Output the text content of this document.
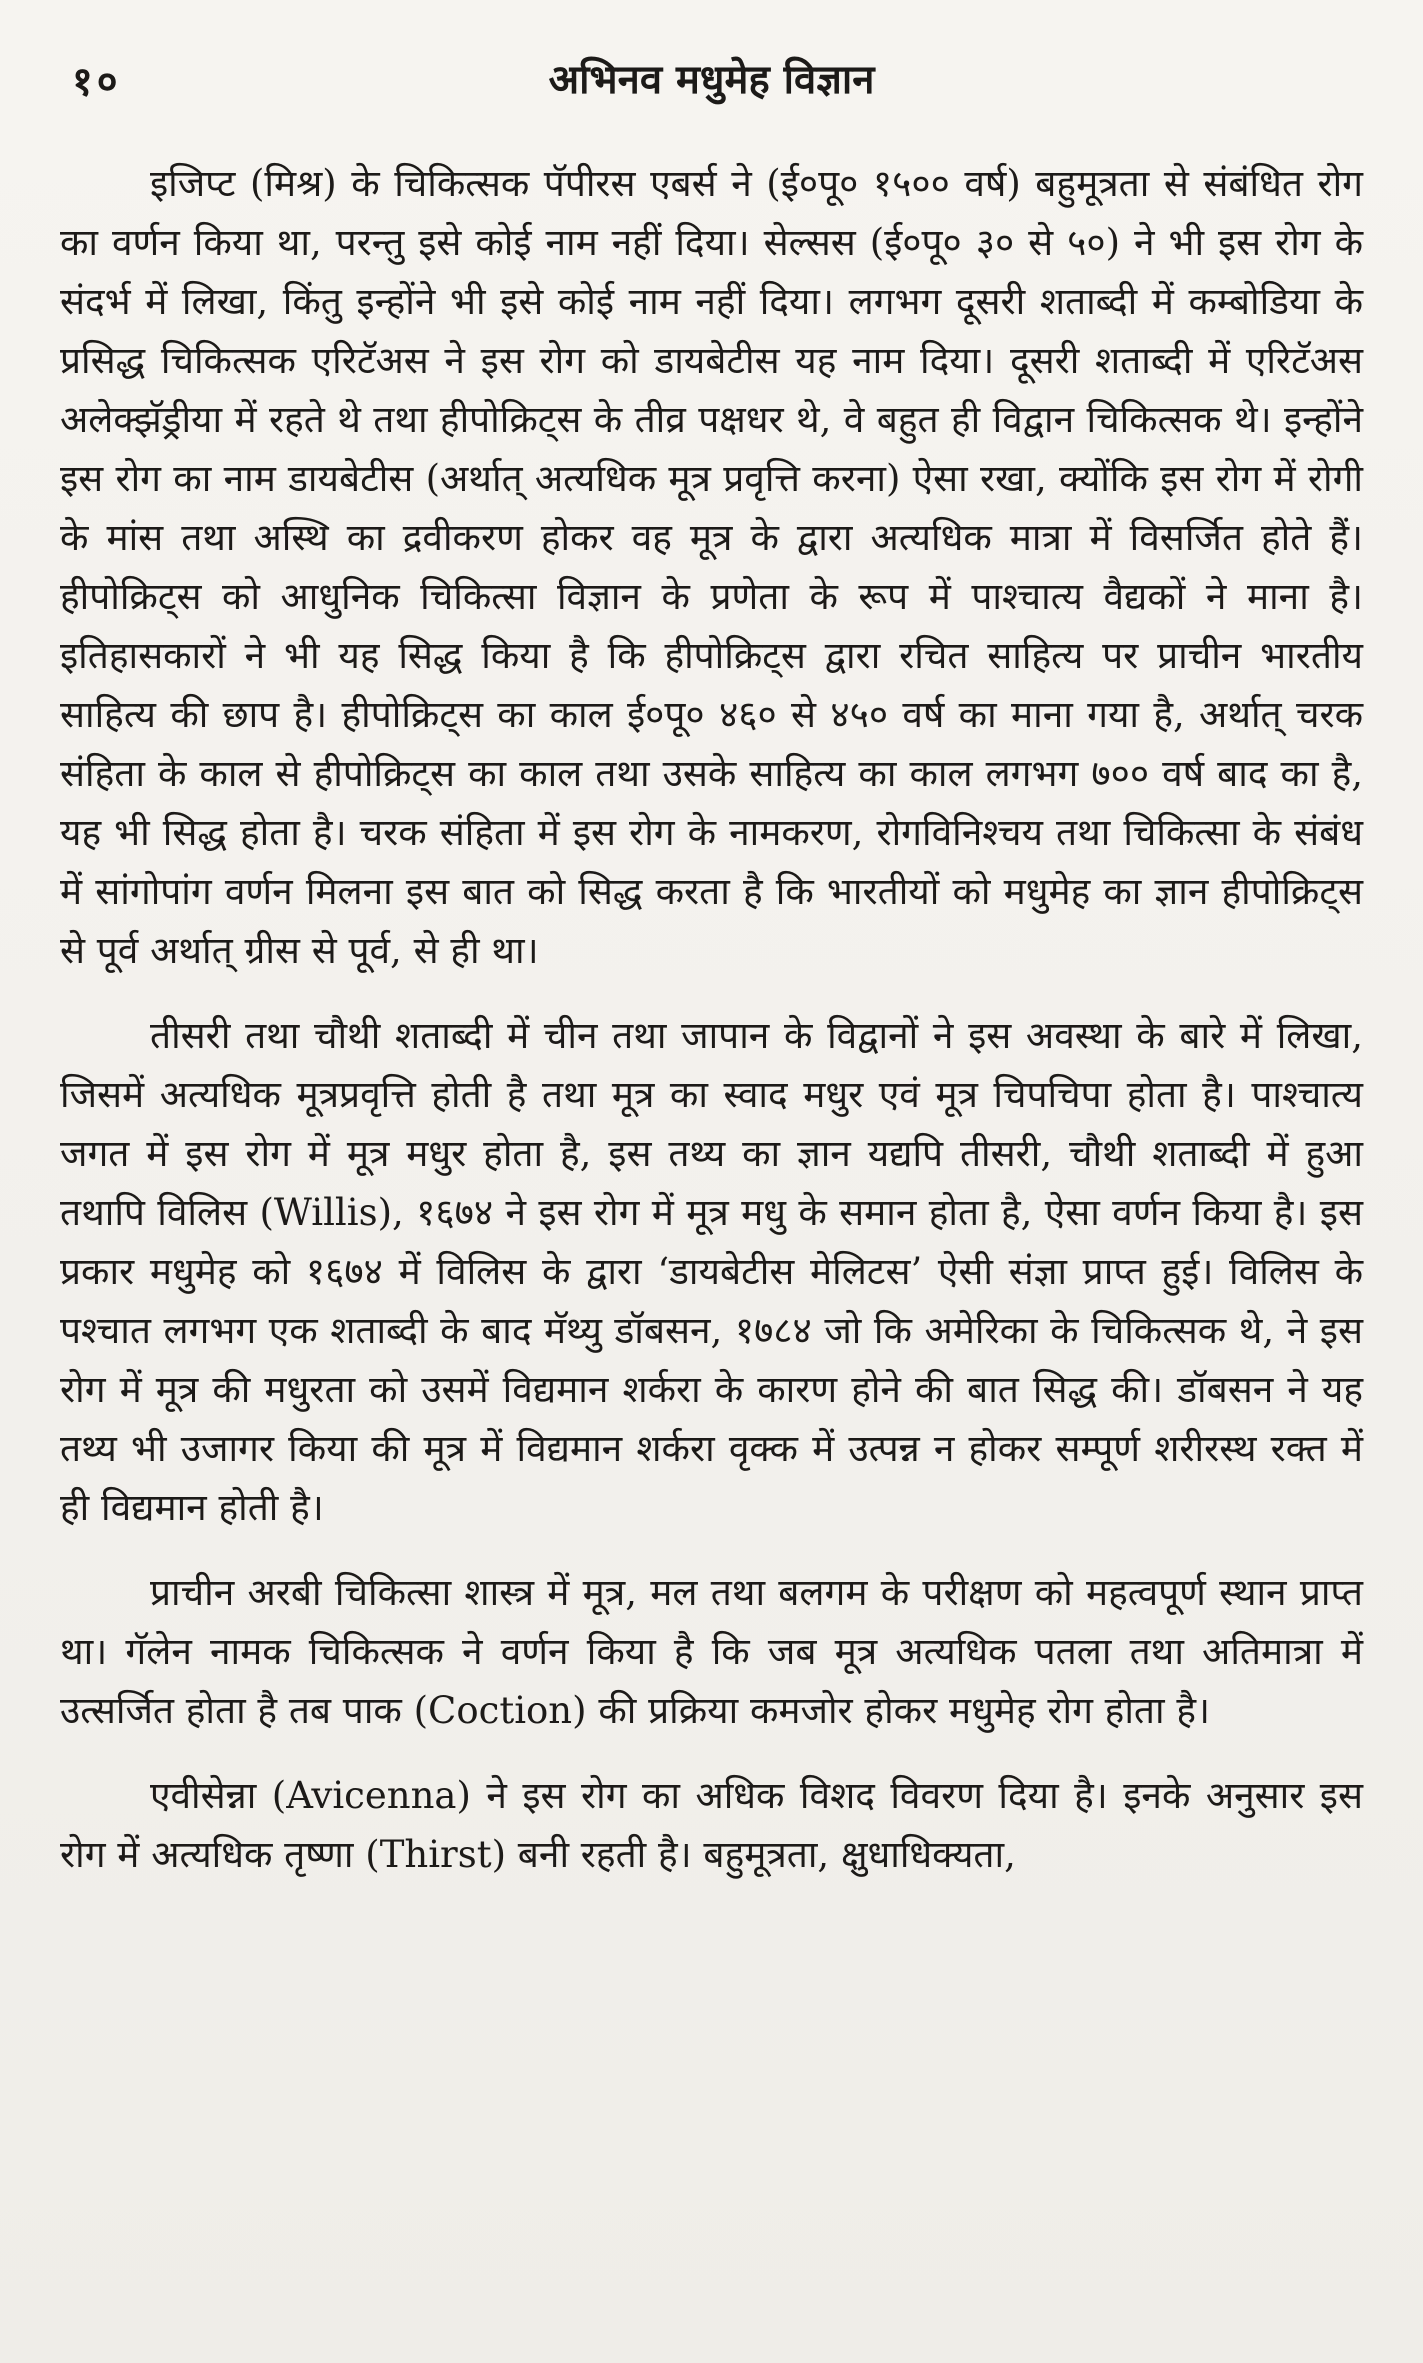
१०	अभिनव मधुमेह विज्ञान

इजिप्ट (मिश्र) के चिकित्सक पॅपीरस एबर्स ने (ई०पू० १५०० वर्ष) बहुमूत्रता से संबंधित रोग का वर्णन किया था, परन्तु इसे कोई नाम नहीं दिया। सेल्सस (ई०पू० ३० से ५०) ने भी इस रोग के संदर्भ में लिखा, किंतु इन्होंने भी इसे कोई नाम नहीं दिया। लगभग दूसरी शताब्दी में कम्बोडिया के प्रसिद्ध चिकित्सक एरिटॅअस ने इस रोग को डायबेटीस यह नाम दिया। दूसरी शताब्दी में एरिटॅअस अलेक्झॅड्रीया में रहते थे तथा हीपोक्रिट्स के तीव्र पक्षधर थे, वे बहुत ही विद्वान चिकित्सक थे। इन्होंने इस रोग का नाम डायबेटीस (अर्थात् अत्यधिक मूत्र प्रवृत्ति करना) ऐसा रखा, क्योंकि इस रोग में रोगी के मांस तथा अस्थि का द्रवीकरण होकर वह मूत्र के द्वारा अत्यधिक मात्रा में विसर्जित होते हैं। हीपोक्रिट्स को आधुनिक चिकित्सा विज्ञान के प्रणेता के रूप में पाश्चात्य वैद्यकों ने माना है। इतिहासकारों ने भी यह सिद्ध किया है कि हीपोक्रिट्स द्वारा रचित साहित्य पर प्राचीन भारतीय साहित्य की छाप है। हीपोक्रिट्स का काल ई०पू० ४६० से ४५० वर्ष का माना गया है, अर्थात् चरक संहिता के काल से हीपोक्रिट्स का काल तथा उसके साहित्य का काल लगभग ७०० वर्ष बाद का है, यह भी सिद्ध होता है। चरक संहिता में इस रोग के नामकरण, रोगविनिश्चय तथा चिकित्सा के संबंध में सांगोपांग वर्णन मिलना इस बात को सिद्ध करता है कि भारतीयों को मधुमेह का ज्ञान हीपोक्रिट्स से पूर्व अर्थात् ग्रीस से पूर्व, से ही था।

तीसरी तथा चौथी शताब्दी में चीन तथा जापान के विद्वानों ने इस अवस्था के बारे में लिखा, जिसमें अत्यधिक मूत्रप्रवृत्ति होती है तथा मूत्र का स्वाद मधुर एवं मूत्र चिपचिपा होता है। पाश्चात्य जगत में इस रोग में मूत्र मधुर होता है, इस तथ्य का ज्ञान यद्यपि तीसरी, चौथी शताब्दी में हुआ तथापि विलिस (Willis), १६७४ ने इस रोग में मूत्र मधु के समान होता है, ऐसा वर्णन किया है। इस प्रकार मधुमेह को १६७४ में विलिस के द्वारा ‘डायबेटीस मेलिटस’ ऐसी संज्ञा प्राप्त हुई। विलिस के पश्चात लगभग एक शताब्दी के बाद मॅथ्यु डॉबसन, १७८४ जो कि अमेरिका के चिकित्सक थे, ने इस रोग में मूत्र की मधुरता को उसमें विद्यमान शर्करा के कारण होने की बात सिद्ध की। डॉबसन ने यह तथ्य भी उजागर किया की मूत्र में विद्यमान शर्करा वृक्क में उत्पन्न न होकर सम्पूर्ण शरीरस्थ रक्त में ही विद्यमान होती है।

प्राचीन अरबी चिकित्सा शास्त्र में मूत्र, मल तथा बलगम के परीक्षण को महत्वपूर्ण स्थान प्राप्त था। गॅलेन नामक चिकित्सक ने वर्णन किया है कि जब मूत्र अत्यधिक पतला तथा अतिमात्रा में उत्सर्जित होता है तब पाक (Coction) की प्रक्रिया कमजोर होकर मधुमेह रोग होता है।

एवीसेन्ना (Avicenna) ने इस रोग का अधिक विशद विवरण दिया है। इनके अनुसार इस रोग में अत्यधिक तृष्णा (Thirst) बनी रहती है। बहुमूत्रता, क्षुधाधिक्यता,
